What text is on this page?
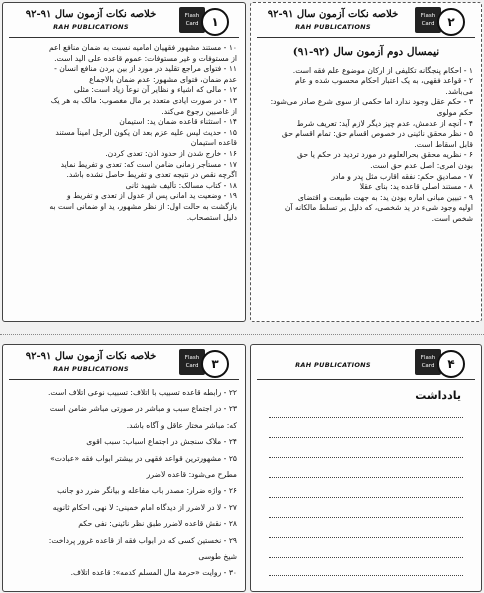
خلاصه نکات آزمون سال ۹۱-۹۲
RAH PUBLICATIONS
Flash Card	١
۱۰ - مستند مشهور فقهیان امامیه نسبت به ضمان منافع اعم
از مستوفات و غیر مستوفات: عموم قاعده علی الید است.
۱۱ - فتوای مراجع تقلید در مورد از بین بردن منافع انسان -
عدم ضمان، فتوای مشهور: عدم ضمان بالاجماع
۱۲ - مالی که اشیاء و نظایر آن نوعاً زیاد است: مثلی
۱۳ - در صورت ایادی متعدد بر مال مغصوب: مالک به هر یک
از غاصبین رجوع می‌کند.
۱۴ - استثناء قاعده ضمان ید: استیمان
۱۵ - حدیث لیس علیه عزم بعد ان یکون الرجل امیناً مستند
قاعده استیمان
۱۶ - خارج شدن از حدود اذن: تعدی کردن.
۱۷ - مستأجر زمانی ضامن است که: تعدی و تفریط نماید
اگرچه نقص در نتیجه تعدی و تفریط حاصل نشده باشد.
۱۸ - کتاب مسالک: تألیف شهید ثانی
۱۹ - وضعیت ید امانی پس از عدول از تعدی و تفریط و
بازگشت به حالت اول: از نظر مشهور، ید او ضمانی است به
دلیل استصحاب.
خلاصه نکات آزمون سال ۹۱-۹۲
RAH PUBLICATIONS
Flash Card	٢
نیمسال دوم آزمون سال (۹۲-۹۱)
۱ - احکام پنجگانه تکلیفی از ارکان موضوع علم فقه است.
۲ - قواعد فقهی، به یک اعتبار احکام محسوب شده و عام
می‌باشد.
۳ - حکم عقل وجود ندارد اما حکمی از سوی شرع صادر می‌شود:
حکم مولوی
۴ - آنچه از عدمش، عدم چیز دیگر لازم آید: تعریف شرط
۵ - نظر محقق نائینی در خصوص اقسام حق: تمام اقسام حق
قابل اسقاط است.
۶ - نظریه محقق بحرالعلوم در مورد تردید در حکم یا حق
بودن امری: اصل عدم حق است.
۷ - مصادیق حکم: نفقه اقارب مثل پدر و مادر
۸ - مستند اصلی قاعده ید: بنای عقلا
۹ - تبیین مبانی اماره بودن ید: به جهت طبیعت و اقتضای
اولیه وجود شیء در ید شخصی، که دلیل بر تسلط مالکانه آن
شخص است.
خلاصه نکات آزمون سال ۹۱-۹۲
RAH PUBLICATIONS
Flash Card	٣
۲۲ - رابطه قاعده تسبیب با اتلاف: تسبیب نوعی اتلاف است.
۲۳ - در اجتماع سبب و مباشر در صورتی مباشر ضامن است
که: مباشر مختار عاقل و آگاه باشد.
۲۴ - ملاک سنجش در اجتماع اسباب: سبب اقوی
۲۵ - مشهورترین قواعد فقهی در بیشتر ابواب فقه «عبادت»
مطرح می‌شود: قاعده لاضرر
۲۶ - واژه ضرار: مصدر باب مفاعله و بیانگر ضرر دو جانب
۲۷ - لا در لاضرر از دیدگاه امام خمینی: لا نهی، احکام ثانویه
۲۸ - نقش قاعده لاضرر طبق نظر نائینی: نفی حکم
۲۹ - نخستین کسی که در ابواب فقه از قاعده غرور پرداخت:
شیخ طوسی
۳۰ - روایت «حرمة مال المسلم کدمه»: قاعده اتلاف.
RAH PUBLICATIONS
Flash Card	۴
یادداشت
